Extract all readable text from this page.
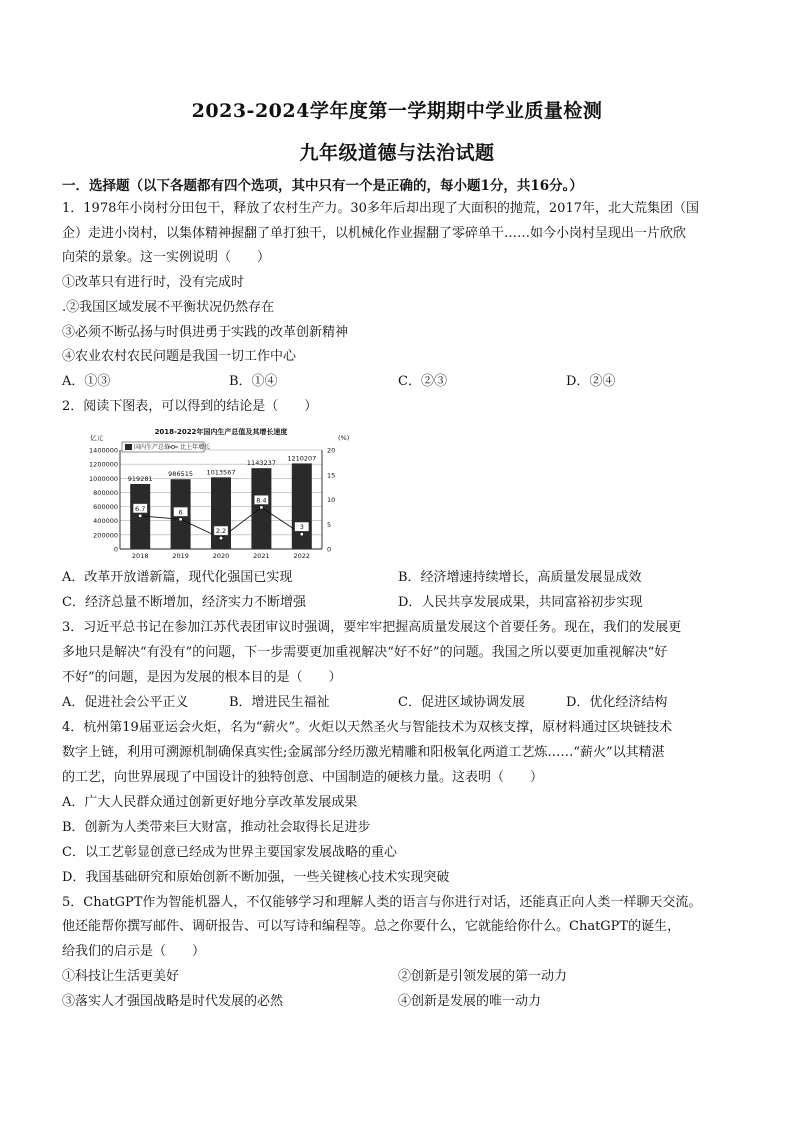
2023-2024学年度第一学期期中学业质量检测
九年级道德与法治试题
一．选择题（以下各题都有四个选项，其中只有一个是正确的，每小题1分，共16分。）
1．1978年小岗村分田包干，释放了农村生产力。30多年后却出现了大面积的抛荒，2017年，北大荒集团（国
企）走进小岗村，以集体精神握翻了单打独干，以机械化作业握翻了零碎单干……如今小岗村呈现出一片欣欣
向荣的景象。这一实例说明（　　）
①改革只有进行时，没有完成时
.②我国区域发展不平衡状况仍然存在
③必须不断弘扬与时俱进勇于实践的改革创新精神
④农业农村农民问题是我国一切工作中心
A．①③	B．①④	C．②③	D．②④
2．阅读下图表，可以得到的结论是（　　）
2018-2022年国内生产总值及其增长速度
亿元	(%)
0
200000
400000
600000
800000
1000000
1200000
1400000
0
5
10
15
20
919281
2018
986515
2019
1013567
2020
1143237
2021
1210207
2022
6.7	6
2.2
8.4
3
国内生产总值 比上年增长
A．改革开放谱新篇，现代化强国已实现	B．经济增速持续增长，高质量发展显成效
C．经济总量不断增加，经济实力不断增强	D．人民共享发展成果，共同富裕初步实现
3．习近平总书记在参加江苏代表团审议时强调，要牢牢把握高质量发展这个首要任务。现在，我们的发展更
多地只是解决“有没有”的问题，下一步需要更加重视解决“好不好”的问题。我国之所以要更加重视解决“好
不好”的问题，是因为发展的根本目的是（　　）
A．促进社会公平正义	B．增进民生福祉	C．促进区域协调发展	D．优化经济结构
4．杭州第19届亚运会火炬，名为“薪火”。火炬以天然圣火与智能技术为双核支撑，原材料通过区块链技术
数字上链，利用可溯源机制确保真实性;金属部分经历激光精雕和阳极氧化两道工艺炼……“薪火”以其精湛
的工艺，向世界展现了中国设计的独特创意、中国制造的硬核力量。这表明（　　）
A．广大人民群众通过创新更好地分享改革发展成果
B．创新为人类带来巨大财富，推动社会取得长足进步
C．以工艺彰显创意已经成为世界主要国家发展战略的重心
D．我国基础研究和原始创新不断加强，一些关键核心技术实现突破
5．ChatGPT作为智能机器人，不仅能够学习和理解人类的语言与你进行对话，还能真正向人类一样聊天交流。
他还能帮你撰写邮件、调研报告、可以写诗和编程等。总之你要什么，它就能给你什么。ChatGPT的诞生，
给我们的启示是（　　）
①科技让生活更美好	②创新是引领发展的第一动力
③落实人才强国战略是时代发展的必然	④创新是发展的唯一动力
